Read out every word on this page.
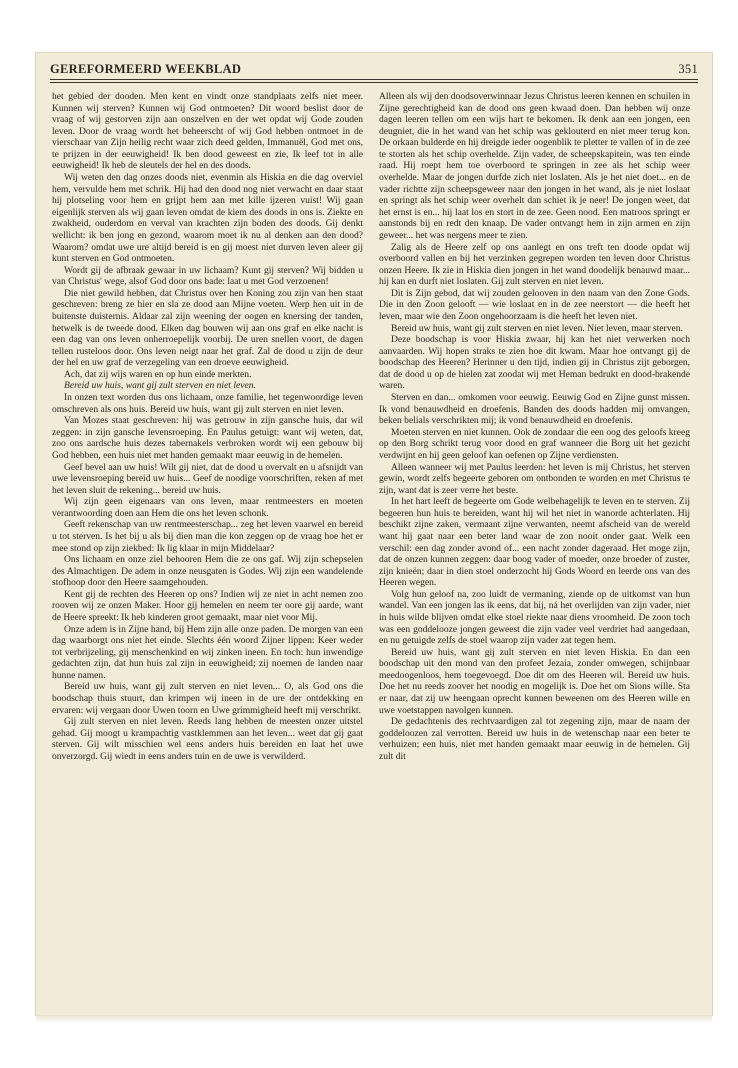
GEREFORMEERD WEEKBLAD	351

het gebied der dooden. Men kent en vindt onze standplaats zelfs niet meer. Kunnen wij sterven? Kunnen wij God ontmoeten? Dit woord beslist door de vraag of wij gestorven zijn aan onszelven en der wet opdat wij Gode zouden leven. Door de vraag wordt het beheerscht of wij God hebben ontmoet in de vierschaar van Zijn heilig recht waar zich deed gelden, Immanuël, God met ons, te prijzen in der eeuwigheid! Ik ben dood geweest en zie, Ik leef tot in alle eeuwigheid! Ik heb de sleutels der hel en des doods.

Wij weten den dag onzes doods niet, evenmin als Hiskia en die dag overviel hem, vervulde hem met schrik. Hij had den dood nog niet verwacht en daar staat hij plotseling voor hem en grijpt hem aan met kille ijzeren vuist! Wij gaan eigenlijk sterven als wij gaan leven omdat de kiem des doods in ons is. Ziekte en zwakheid, ouderdom en verval van krachten zijn boden des doods. Gij denkt wellicht: ik ben jong en gezond, waarom moet ik nu al denken aan den dood? Waarom? omdat uwe ure altijd bereid is en gij moest niet durven leven aleer gij kunt sterven en God ontmoeten.

Wordt gij de afbraak gewaar in uw lichaam? Kunt gij sterven? Wij bidden u van Christus' wege, alsof God door ons bade: laat u met God verzoenen!

Die niet gewild hebben, dat Christus over hen Koning zou zijn van hen staat geschreven: breng ze hier en sla ze dood aan Mijne voeten. Werp hen uit in de buitenste duisternis. Aldaar zal zijn weening der oogen en knersing der tanden, hetwelk is de tweede dood. Elken dag bouwen wij aan ons graf en elke nacht is een dag van ons leven onherroepelijk voorbij. De uren snellen voort, de dagen tellen rusteloos door. Ons leven neigt naar het graf. Zal de dood u zijn de deur der hel en uw graf de verzegeling van een droeve eeuwigheid.

Ach, dat zij wijs waren en op hun einde merkten.

Bereid uw huis, want gij zult sterven en niet leven.

In onzen text worden dus ons lichaam, onze familie, het tegenwoordige leven omschreven als ons huis. Bereid uw huis, want gij zult sterven en niet leven.

Van Mozes staat geschreven: hij was getrouw in zijn gansche huis, dat wil zeggen: in zijn gansche levensroeping. En Paulus getuigt: want wij weten, dat, zoo ons aardsche huis dezes tabernakels verbroken wordt wij een gebouw bij God hebben, een huis niet met handen gemaakt maar eeuwig in de hemelen.

Geef bevel aan uw huis! Wilt gij niet, dat de dood u overvalt en u afsnijdt van uwe levensroeping bereid uw huis... Geef de noodige voorschriften, reken af met het leven sluit de rekening... bereid uw huis.

Wij zijn geen eigenaars van ons leven, maar rentmeesters en moeten verantwoording doen aan Hem die ons het leven schonk.

Geeft rekenschap van uw rentmeesterschap... zeg het leven vaarwel en bereid u tot sterven. Is het bij u als bij dien man die kon zeggen op de vraag hoe het er mee stond op zijn ziekbed: Ik lig klaar in mijn Middelaar?

Ons lichaam en onze ziel behooren Hem die ze ons gaf. Wij zijn schepselen des Almachtigen. De adem in onze neusgaten is Godes. Wij zijn een wandelende stofhoop door den Heere saamgehouden.

Kent gij de rechten des Heeren op ons? Indien wij ze niet in acht nemen zoo rooven wij ze onzen Maker. Hoor gij hemelen en neem ter oore gij aarde, want de Heere spreekt: Ik heb kinderen groot gemaakt, maar niet voor Mij.

Onze adem is in Zijne hand, bij Hem zijn alle onze paden. De morgen van een dag waarborgt ons niet het einde. Slechts één woord Zijner lippen: Keer weder tot verbrijzeling, gij menschenkind en wij zinken ineen. En toch: hun inwendige gedachten zijn, dat hun huis zal zijn in eeuwigheid; zij noemen de landen naar hunne namen.

Bereid uw huis, want gij zult sterven en niet leven... O, als God ons die boodschap thuis stuurt, dan krimpen wij ineen in de ure der ontdekking en ervaren: wij vergaan door Uwen toorn en Uwe grimmigheid heeft mij verschrikt.

Gij zult sterven en niet leven. Reeds lang hebben de meesten onzer uitstel gehad. Gij moogt u krampachtig vastklemmen aan het leven... weet dat gij gaat sterven. Gij wilt misschien wel eens anders huis bereiden en laat het uwe onverzorgd. Gij wiedt in eens anders tuin en de uwe is verwilderd.

Alleen als wij den doodsoverwinnaar Jezus Christus leeren kennen en schuilen in Zijne gerechtigheid kan de dood ons geen kwaad doen. Dan hebben wij onze dagen leeren tellen om een wijs hart te bekomen. Ik denk aan een jongen, een deugniet, die in het wand van het schip was geklouterd en niet meer terug kon. De orkaan bulderde en hij dreigde ieder oogenblik te pletter te vallen of in de zee te storten als het schip overhelde. Zijn vader, de scheepskapitein, was ten einde raad. Hij roept hem toe overboord te springen in zee als het schip weer overhelde. Maar de jongen durfde zich niet loslaten. Als je het niet doet... en de vader richtte zijn scheepsgeweer naar den jongen in het wand, als je niet loslaat en springt als het schip weer overhelt dan schiet ik je neer! De jongen weet, dat het ernst is en... hij laat los en stort in de zee. Geen nood. Een matroos springt er aanstonds bij en redt den knaap. De vader ontvangt hem in zijn armen en zijn geweer... het was nergens meer te zien.

Zalig als de Heere zelf op ons aanlegt en ons treft ten doode opdat wij overboord vallen en bij het verzinken gegrepen worden ten leven door Christus onzen Heere. Ik zie in Hiskia dien jongen in het wand doodelijk benauwd maar... hij kan en durft niet loslaten. Gij zult sterven en niet leven.

Dit is Zijn gebod, dat wij zouden gelooven in den naam van den Zone Gods. Die in den Zoon gelooft — wie loslaat en in de zee neerstort — die heeft het leven, maar wie den Zoon ongehoorzaam is die heeft het leven niet.

Bereid uw huis, want gij zult sterven en niet leven. Niet leven, maar sterven.

Deze boodschap is voor Hiskia zwaar, hij kan het niet verwerken noch aanvaarden. Wij hopen straks te zien hoe dit kwam. Maar hoe ontvangt gij de boodschap des Heeren? Herinner u den tijd, indien gij in Christus zijt geborgen, dat de dood u op de hielen zat zoodat wij met Heman bedrukt en dood-brakende waren.

Sterven en dan... omkomen voor eeuwig. Eeuwig God en Zijne gunst missen. Ik vond benauwdheid en droefenis. Banden des doods hadden mij omvangen, beken belials verschrikten mij; ik vond benauwdheid en droefenis.

Moeten sterven en niet kunnen. Ook de zondaar die een oog des geloofs kreeg op den Borg schrikt terug voor dood en graf wanneer die Borg uit het gezicht verdwijnt en hij geen geloof kan oefenen op Zijne verdiensten.

Alleen wanneer wij met Paulus leerden: het leven is mij Christus, het sterven gewin, wordt zelfs begeerte geboren om ontbonden te worden en met Christus te zijn, want dat is zeer verre het beste.

In het hart leeft de begeerte om Gode welbehagelijk te leven en te sterven. Zij begeeren hun huis te bereiden, want hij wil het niet in wanorde achterlaten. Hij beschikt zijne zaken, vermaant zijne verwanten, neemt afscheid van de wereld want hij gaat naar een beter land waar de zon nooit onder gaat. Welk een verschil: een dag zonder avond of... een nacht zonder dageraad. Het moge zijn, dat de onzen kunnen zeggen: daar boog vader of moeder, onze broeder of zuster, zijn knieën; daar in dien stoel onderzocht hij Gods Woord en leerde ons van des Heeren wegen.

Volg hun geloof na, zoo luidt de vermaning, ziende op de uitkomst van hun wandel. Van een jongen las ik eens, dat hij, ná het overlijden van zijn vader, niet in huis wilde blijven omdat elke stoel riekte naar diens vroomheid. De zoon toch was een goddelooze jongen geweest die zijn vader veel verdriet had aangedaan, en nu getuigde zelfs de stoel waarop zijn vader zat tegen hem.

Bereid uw huis, want gij zult sterven en niet leven Hiskia. En dan een boodschap uit den mond van den profeet Jezaia, zonder omwegen, schijnbaar meedoogenloos, hem toegevoegd. Doe dit om des Heeren wil. Bereid uw huis. Doe het nu reeds zoover het noodig en mogelijk is. Doe het om Sions wille. Sta er naar, dat zij uw heengaan oprecht kunnen beweenen om des Heeren wille en uwe voetstappen navolgen kunnen.

De gedachtenis des rechtvaardigen zal tot zegening zijn, maar de naam der goddeloozen zal verrotten. Bereid uw huis in de wetenschap naar een beter te verhuizen; een huis, niet met handen gemaakt maar eeuwig in de hemelen. Gij zult dit
